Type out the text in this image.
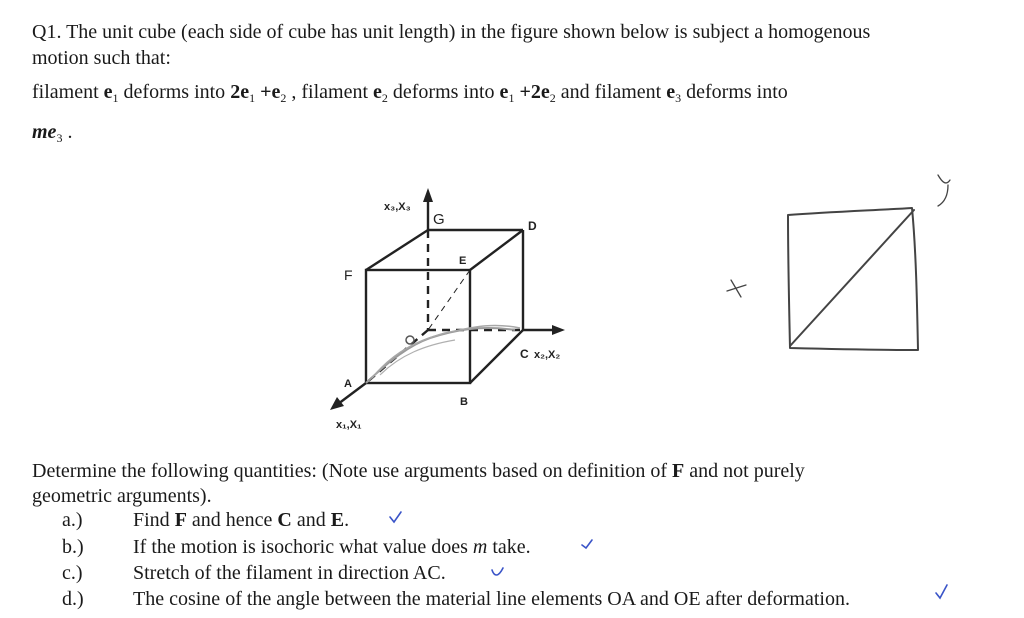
Q1. The unit cube (each side of cube has unit length) in the figure shown below is subject a homogenous
motion such that:
filament $e_1$ deforms into $2e_1 +e_2$ , filament $e_2$ deforms into $e_1 +2e_2$ and filament $e_3$ deforms into
$me_3$ .
x₃,X₃
G	D
E
F
C x₂,X₂
A
B
x₁,X₁
Determine the following quantities: (Note use arguments based on definition of F and not purely
geometric arguments).
a.)	Find F and hence C and E.
b.) If the motion is isochoric what value does m take.
c.)	Stretch of the filament in direction AC.
d.) The cosine of the angle between the material line elements OA and OE after deformation.
